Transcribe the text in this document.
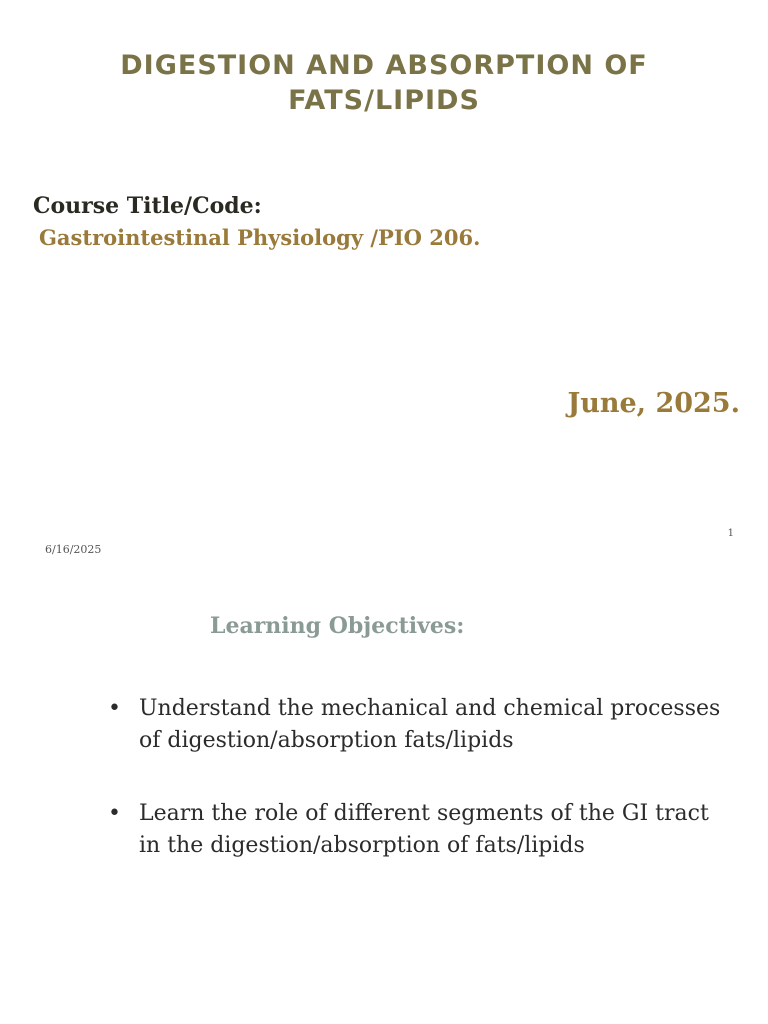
DIGESTION AND ABSORPTION OF
FATS/LIPIDS
Course Title/Code:
Gastrointestinal Physiology /PIO 206.
June, 2025.
1
6/16/2025
Learning Objectives:
• Understand the mechanical and chemical processes
of digestion/absorption fats/lipids
• Learn the role of different segments of the GI tract
in the digestion/absorption of fats/lipids
